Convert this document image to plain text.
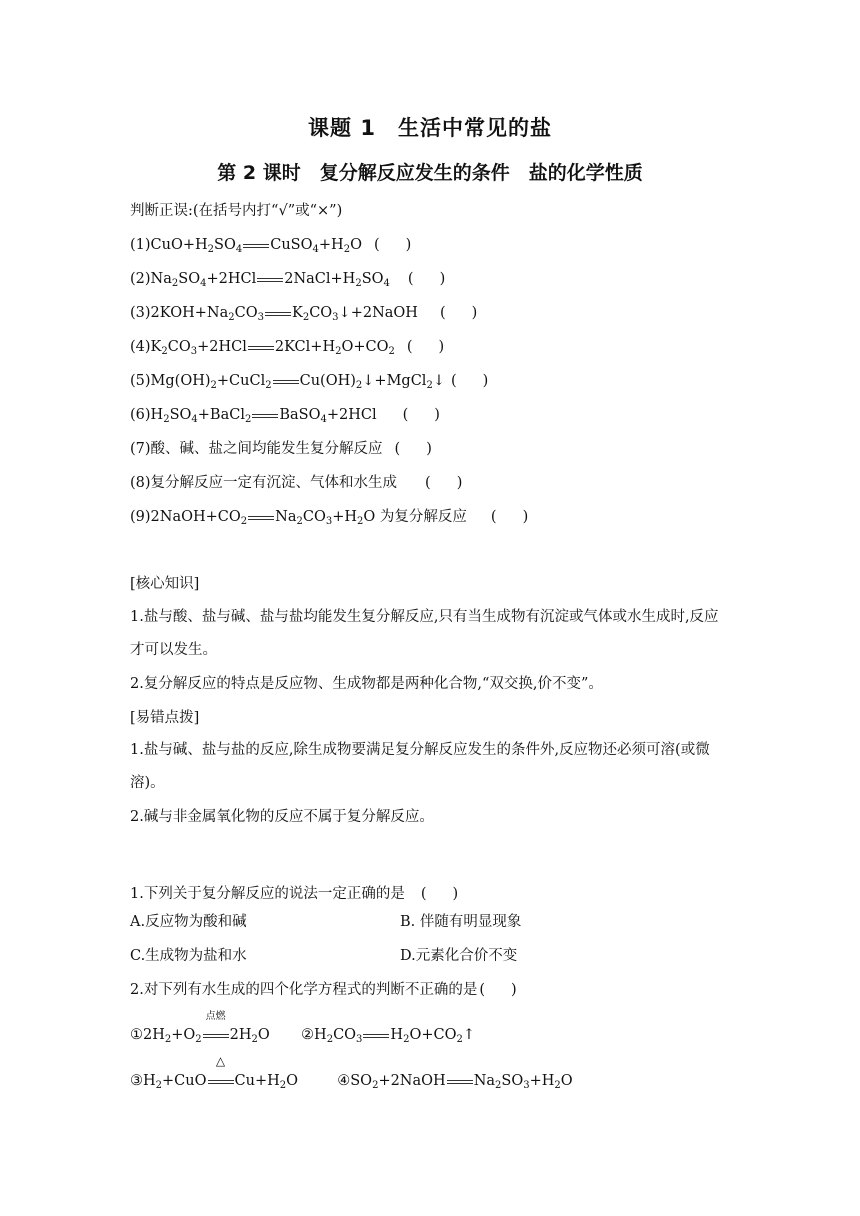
课题 1　生活中常见的盐
第 2 课时　复分解反应发生的条件　盐的化学性质
判断正误:(在括号内打“√”或“×”)
$(1)CuO+H_2SO_4$ $CuSO_4+H_2O$ ( )
$(2)Na_2SO_4+2HCl$ $2NaCl+H_2SO_4$ ( )
$(3)2KOH+Na_2CO_3$ $K_2CO_3↓+2NaOH$ ( )
$(4)K_2CO_3+2HCl$ $2KCl+H_2O+CO_2$ ( )
$(5)Mg(OH)_2+CuCl_2$ $Cu(OH)_2↓+MgCl_2↓$ ( )
$(6)H_2SO_4+BaCl_2$ BaSO$_4$+2HCl ( )
(7)酸、碱、盐之间均能发生复分解反应 ( )
(8)复分解反应一定有沉淀、气体和水生成 ( )
$(9)2NaOH+CO_2$ $Na_2CO_3+H_2O$ 为复分解反应 ( )
[核心知识]
1.盐与酸、盐与碱、盐与盐均能发生复分解反应,只有当生成物有沉淀或气体或水生成时,反应才可以发生。
2.复分解反应的特点是反应物、生成物都是两种化合物,“双交换,价不变”。
[易错点拨]
1.盐与碱、盐与盐的反应,除生成物要满足复分解反应发生的条件外,反应物还必须可溶(或微溶)。
2.碱与非金属氧化物的反应不属于复分解反应。
1.下列关于复分解反应的说法一定正确的是 ( )
A.反应物为酸和碱	B. 伴随有明显现象
C.生成物为盐和水	D.元素化合价不变
2.对下列有水生成的四个化学方程式的判断不正确的是 ( )
$①2H_2+O_2$
点燃
$2H_2O$ $②H_2CO_3$ $H_2O+CO_2↑$
$③H_2+CuO$
△
$Cu+H_2O$	$④SO_2+2NaOH$ $Na_2SO_3+H_2O$
